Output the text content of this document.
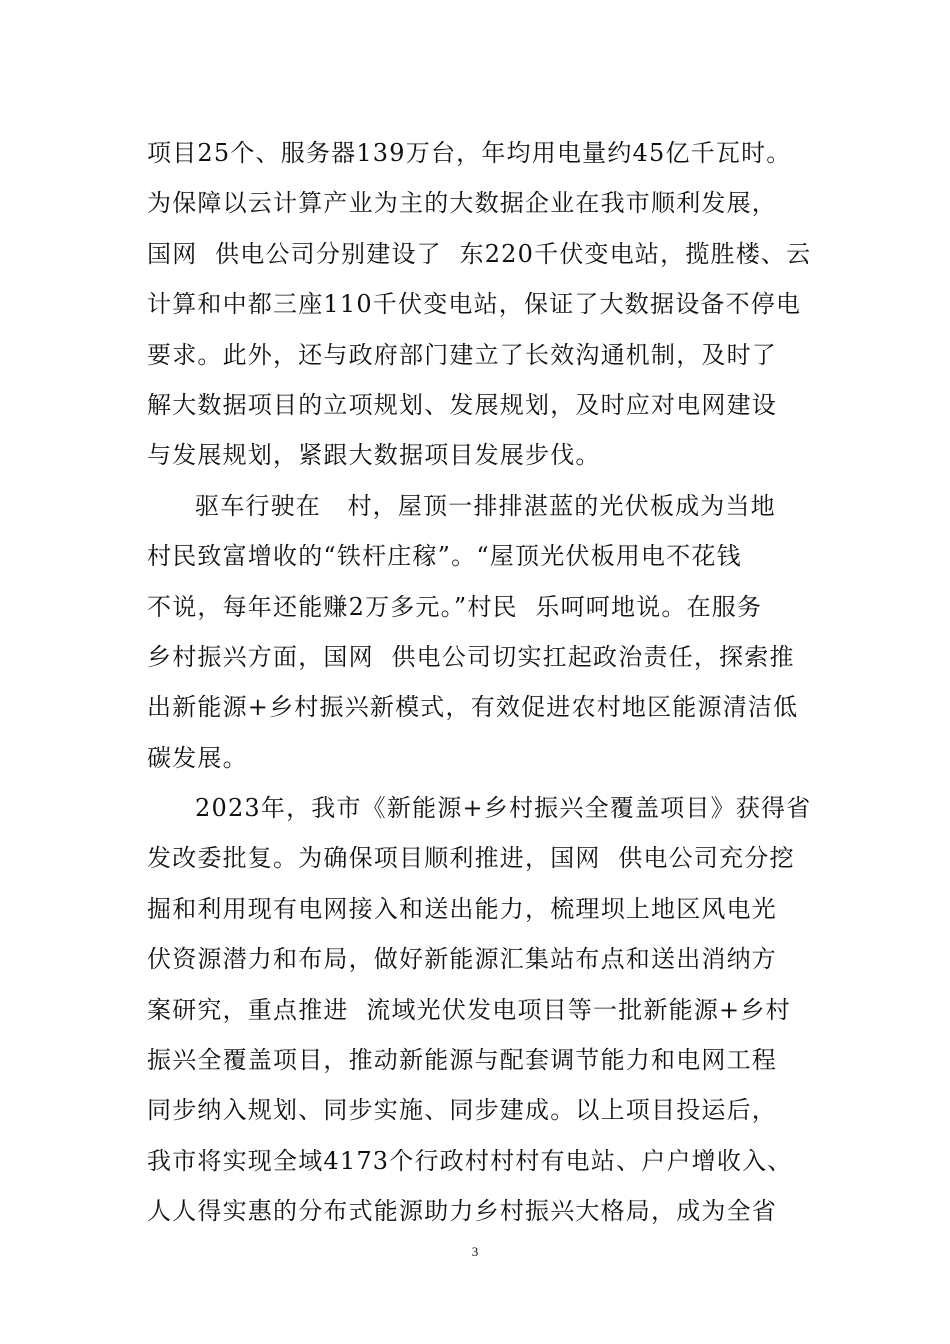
项目25个、服务器139万台，年均用电量约45亿千瓦时。
为保障以云计算产业为主的大数据企业在我市顺利发展，
国网  供电公司分别建设了  东220千伏变电站，揽胜楼、云
计算和中都三座110千伏变电站，保证了大数据设备不停电
要求。此外，还与政府部门建立了长效沟通机制，及时了
解大数据项目的立项规划、发展规划，及时应对电网建设
与发展规划，紧跟大数据项目发展步伐。
驱车行驶在   村，屋顶一排排湛蓝的光伏板成为当地
村民致富增收的“铁杆庄稼”。“屋顶光伏板用电不花钱
不说，每年还能赚2万多元。”村民  乐呵呵地说。在服务
乡村振兴方面，国网  供电公司切实扛起政治责任，探索推
出新能源+乡村振兴新模式，有效促进农村地区能源清洁低
碳发展。
2023年，我市《新能源+乡村振兴全覆盖项目》获得省
发改委批复。为确保项目顺利推进，国网  供电公司充分挖
掘和利用现有电网接入和送出能力，梳理坝上地区风电光
伏资源潜力和布局，做好新能源汇集站布点和送出消纳方
案研究，重点推进  流域光伏发电项目等一批新能源+乡村
振兴全覆盖项目，推动新能源与配套调节能力和电网工程
同步纳入规划、同步实施、同步建成。以上项目投运后，
我市将实现全域4173个行政村村村有电站、户户增收入、
人人得实惠的分布式能源助力乡村振兴大格局，成为全省
3
